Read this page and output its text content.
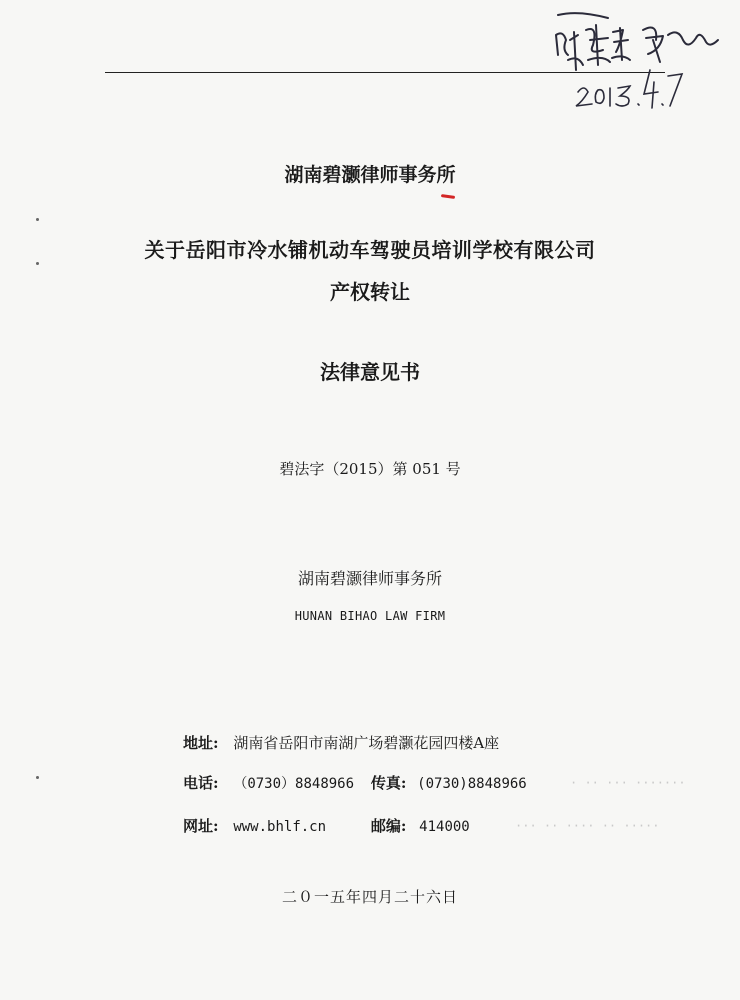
湖南碧灏律师事务所
关于岳阳市冷水铺机动车驾驶员培训学校有限公司
产权转让
法律意见书
碧法字（2015）第 051 号
湖南碧灏律师事务所
HUNAN BIHAO LAW FIRM
地址: 湖南省岳阳市南湖广场碧灏花园四楼A座
电话: （0730）8848966 传真: (0730)8848966	· ·· ··· ·······
网址: www.bhlf.cn	邮编: 414000	··· ·· ···· ·· ·····
二０一五年四月二十六日
